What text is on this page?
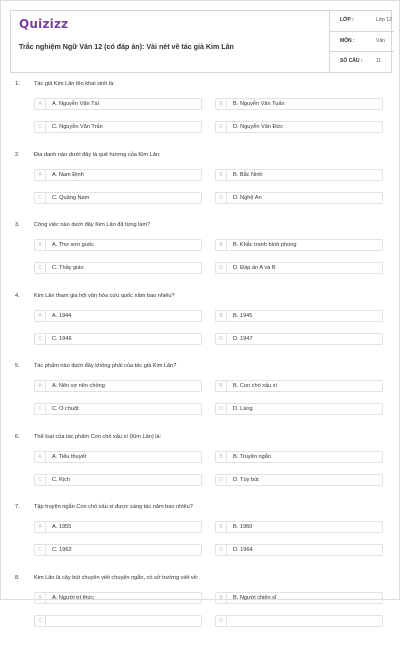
Quizizz
Trắc nghiệm Ngữ Văn 12 (có đáp án): Vài nét về tác giả Kim Lân
LỚP :	Lớp 12
MÔN :	Văn
SỐ CÂU :	11
1.	Tác giả Kim Lân tên khai sinh là:
A	A. Nguyễn Văn Tài	B	B. Nguyễn Văn Tuấn
C	C. Nguyễn Văn Trấn	D	D. Nguyễn Văn Đức
2.	Địa danh nào dưới đây là quê hương của Kim Lân:
A	A. Nam Định	B	B. Bắc Ninh
C	C. Quảng Nam	D	D. Nghệ An
3.	Công việc nào dưới đây Kim Lân đã từng làm?
A	A. Thợ sơn guốc	B	B. Khắc tranh bình phong
C	C. Thầy giáo	D	D. Đáp án A và B
4.	Kim Lân tham gia hội văn hóa cứu quốc năm bao nhiêu?
A	A. 1944	B	B. 1945
C	C. 1946	D	D. 1947
5.	Tác phẩm nào dưới đây không phải của tác giả Kim Lân?
A	A. Nên vợ nên chồng	B	B. Con chó xấu xí
C	C. O chuột	D	D. Làng
6.	Thể loại của tác phẩm Con chó xấu xí (Kim Lân) là:
A	A. Tiểu thuyết	B	B. Truyện ngắn
C	C. Kịch	D	D. Tùy bút
7.	Tập truyện ngắn Con chó xấu xí được sáng tác năm bao nhiêu?
A	A. 1955	B	B. 1960
C	C. 1962	D	D. 1964
8.	Kim Lân là cây bút chuyên viết chuyện ngắn, có sở trường viết về:
A	A. Người trí thức	B	B. Người chiến sĩ
C	D
